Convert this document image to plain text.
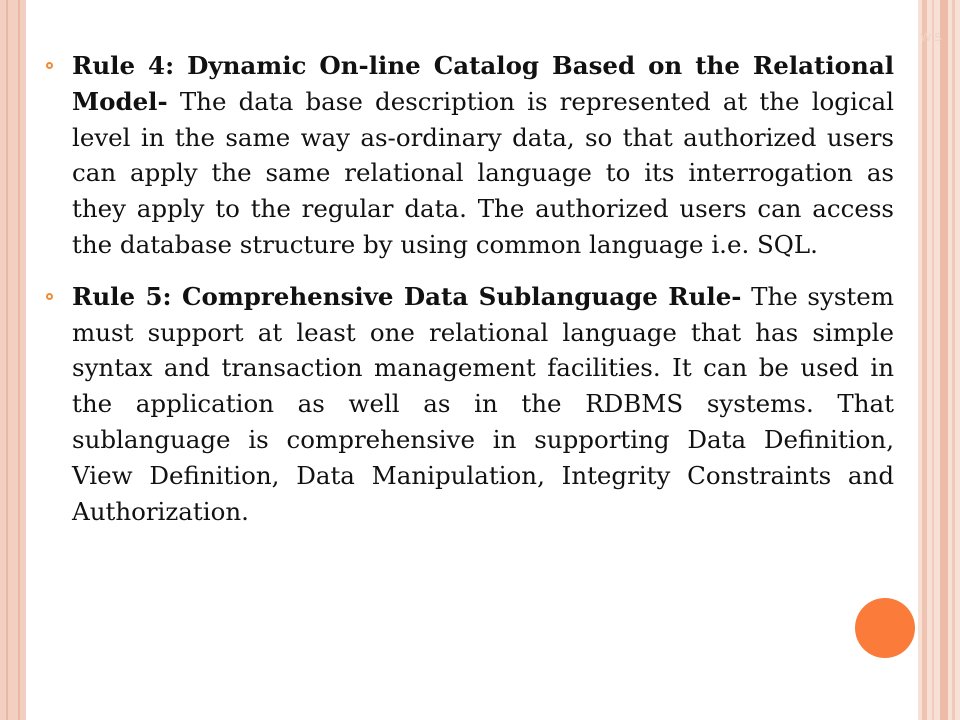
W.S
Rule 4: Dynamic On-line Catalog Based on the Relational Model- The data base description is represented at the logical level in the same way as-ordinary data, so that authorized users can apply the same relational language to its interrogation as they apply to the regular data. The authorized users can access the database structure by using common language i.e. SQL.
Rule 5: Comprehensive Data Sublanguage Rule- The system must support at least one relational language that has simple syntax and transaction management facilities. It can be used in the application as well as in the RDBMS systems. That sublanguage is comprehensive in supporting Data Definition, View Definition, Data Manipulation, Integrity Constraints and Authorization.
